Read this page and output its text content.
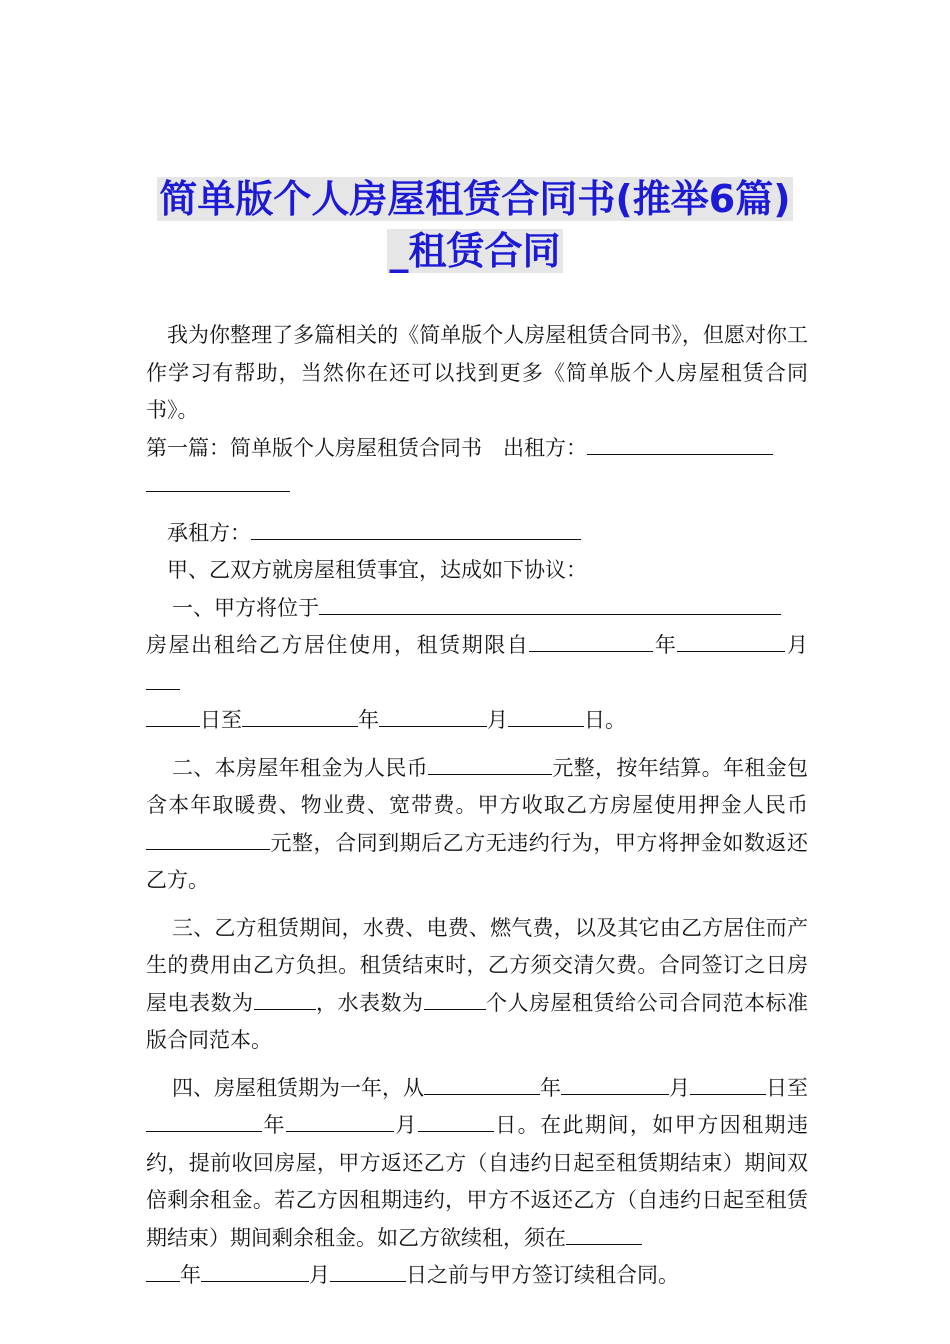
简单版个人房屋租赁合同书(推举6篇)
_租赁合同

我为你整理了多篇相关的《简单版个人房屋租赁合同书》，但愿对你工作学习有帮助，当然你在还可以找到更多《简单版个人房屋租赁合同书》。

第一篇：简单版个人房屋租赁合同书　出租方：

承租方：

甲、乙双方就房屋租赁事宜，达成如下协议：

一、甲方将位于
房屋出租给乙方居住使用，租赁期限自	年	月
日至	年	月	日。

二、本房屋年租金为人民币	元整，按年结算。年租金包含本年取暖费、物业费、宽带费。甲方收取乙方房屋使用押金人民币元整，合同到期后乙方无违约行为，甲方将押金如数返还乙方。

三、乙方租赁期间，水费、电费、燃气费，以及其它由乙方居住而产生的费用由乙方负担。租赁结束时，乙方须交清欠费。合同签订之日房屋电表数为	，水表数为	个人房屋租赁给公司合同范本标准版合同范本。

四、房屋租赁期为一年，从	年	月	日至年	月	日。在此期间，如甲方因租期违约，提前收回房屋，甲方返还乙方（自违约日起至租赁期结束）期间双倍剩余租金。若乙方因租期违约，甲方不返还乙方（自违约日起至租赁期结束）期间剩余租金。如乙方欲续租，须在
年	月	日之前与甲方签订续租合同。
